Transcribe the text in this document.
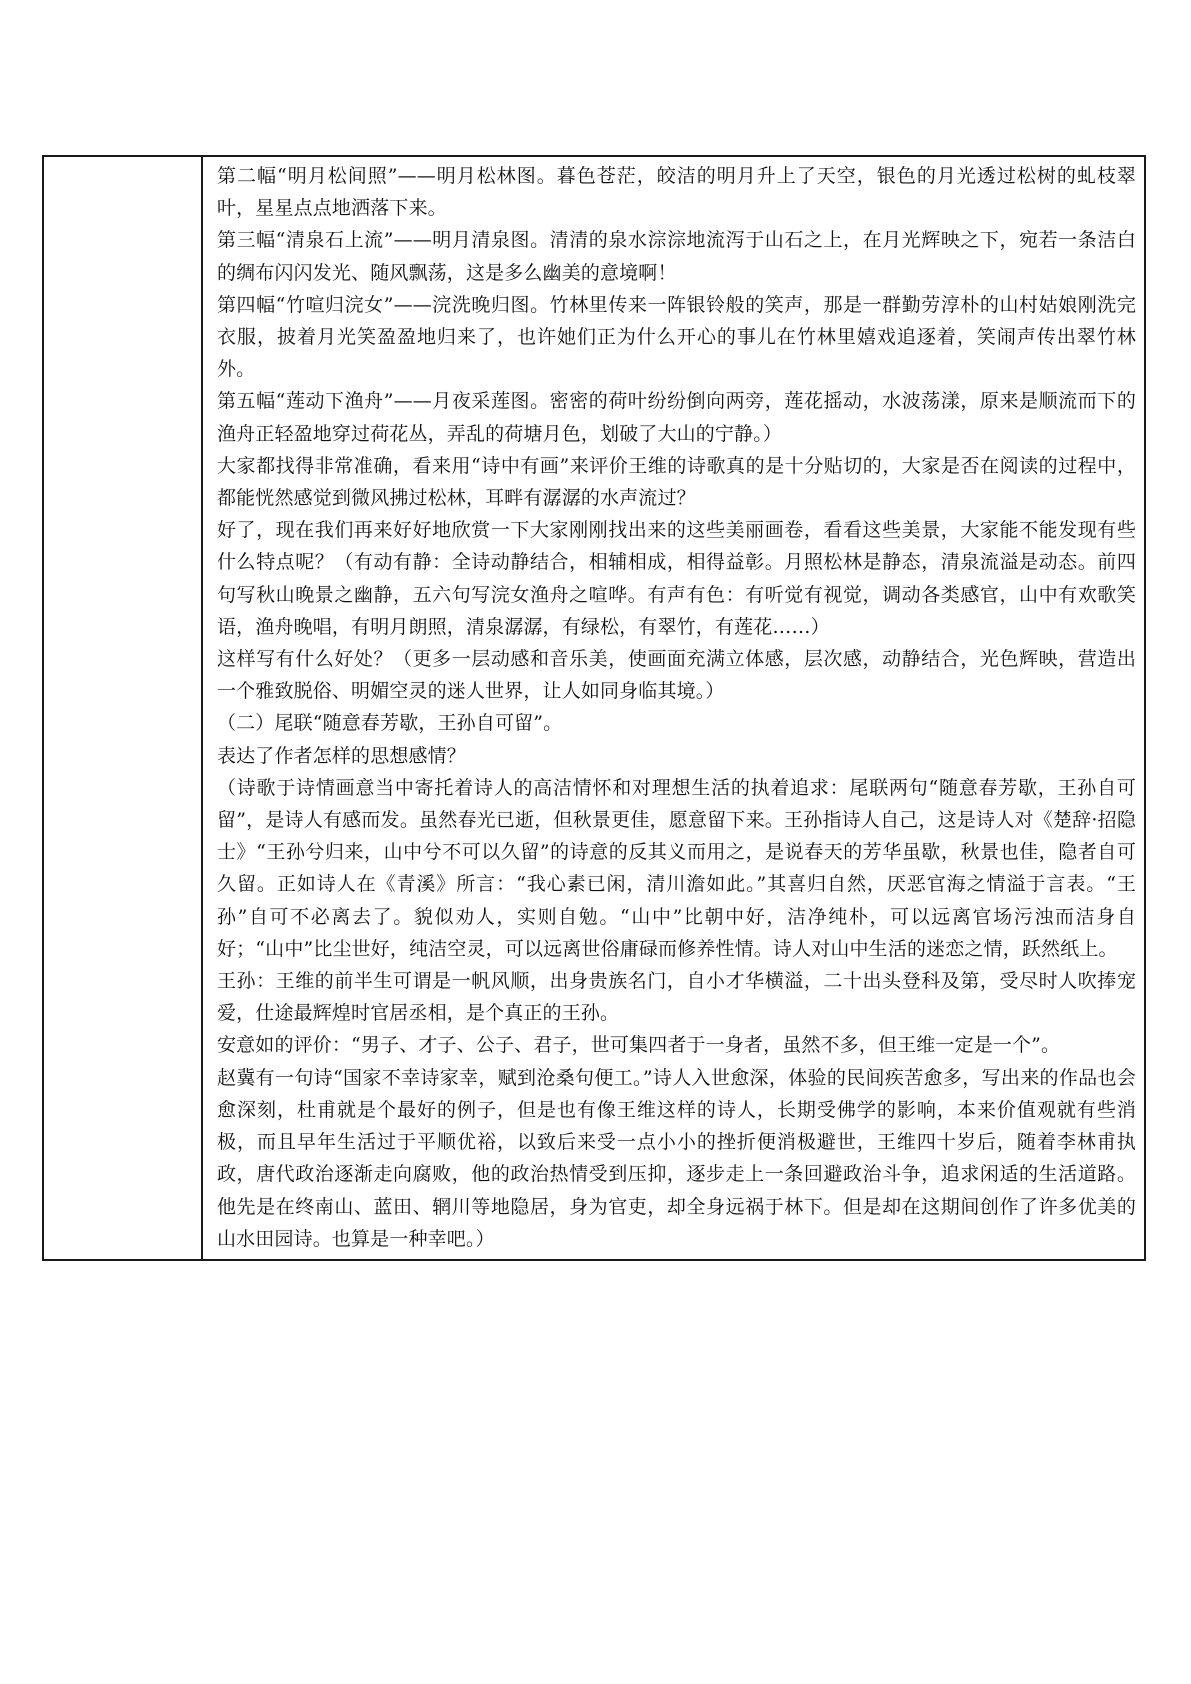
第二幅“明月松间照”——明月松林图。暮色苍茫，皎洁的明月升上了天空，银色的月光透过松树的虬枝翠叶，星星点点地洒落下来。

第三幅“清泉石上流”——明月清泉图。清清的泉水淙淙地流泻于山石之上，在月光辉映之下，宛若一条洁白的绸布闪闪发光、随风飘荡，这是多么幽美的意境啊！

第四幅“竹喧归浣女”——浣洗晚归图。竹林里传来一阵银铃般的笑声，那是一群勤劳淳朴的山村姑娘刚洗完衣服，披着月光笑盈盈地归来了，也许她们正为什么开心的事儿在竹林里嬉戏追逐着，笑闹声传出翠竹林外。

第五幅“莲动下渔舟”——月夜采莲图。密密的荷叶纷纷倒向两旁，莲花摇动，水波荡漾，原来是顺流而下的渔舟正轻盈地穿过荷花丛，弄乱的荷塘月色，划破了大山的宁静。）

大家都找得非常准确，看来用“诗中有画”来评价王维的诗歌真的是十分贴切的，大家是否在阅读的过程中，都能恍然感觉到微风拂过松林，耳畔有潺潺的水声流过？

好了，现在我们再来好好地欣赏一下大家刚刚找出来的这些美丽画卷，看看这些美景，大家能不能发现有些什么特点呢？（有动有静：全诗动静结合，相辅相成，相得益彰。月照松林是静态，清泉流溢是动态。前四句写秋山晚景之幽静，五六句写浣女渔舟之喧哗。有声有色：有听觉有视觉，调动各类感官，山中有欢歌笑语，渔舟晚唱，有明月朗照，清泉潺潺，有绿松，有翠竹，有莲花……）

这样写有什么好处？（更多一层动感和音乐美，使画面充满立体感，层次感，动静结合，光色辉映，营造出一个雅致脱俗、明媚空灵的迷人世界，让人如同身临其境。）

（二）尾联“随意春芳歇，王孙自可留”。

表达了作者怎样的思想感情？

（诗歌于诗情画意当中寄托着诗人的高洁情怀和对理想生活的执着追求：尾联两句“随意春芳歇，王孙自可留”，是诗人有感而发。虽然春光已逝，但秋景更佳，愿意留下来。王孙指诗人自己，这是诗人对《楚辞·招隐士》“王孙兮归来，山中兮不可以久留”的诗意的反其义而用之，是说春天的芳华虽歇，秋景也佳，隐者自可久留。正如诗人在《青溪》所言：“我心素已闲，清川澹如此。”其喜归自然，厌恶官海之情溢于言表。“王孙”自可不必离去了。貌似劝人，实则自勉。“山中”比朝中好，洁净纯朴，可以远离官场污浊而洁身自好；“山中”比尘世好，纯洁空灵，可以远离世俗庸碌而修养性情。诗人对山中生活的迷恋之情，跃然纸上。

王孙：王维的前半生可谓是一帆风顺，出身贵族名门，自小才华横溢，二十出头登科及第，受尽时人吹捧宠爱，仕途最辉煌时官居丞相，是个真正的王孙。

安意如的评价：“男子、才子、公子、君子，世可集四者于一身者，虽然不多，但王维一定是一个”。

赵冀有一句诗“国家不幸诗家幸，赋到沧桑句便工。”诗人入世愈深，体验的民间疾苦愈多，写出来的作品也会愈深刻，杜甫就是个最好的例子，但是也有像王维这样的诗人，长期受佛学的影响，本来价值观就有些消极，而且早年生活过于平顺优裕，以致后来受一点小小的挫折便消极避世，王维四十岁后，随着李林甫执政，唐代政治逐渐走向腐败，他的政治热情受到压抑，逐步走上一条回避政治斗争，追求闲适的生活道路。他先是在终南山、蓝田、辋川等地隐居，身为官吏，却全身远祸于林下。但是却在这期间创作了许多优美的山水田园诗。也算是一种幸吧。）
